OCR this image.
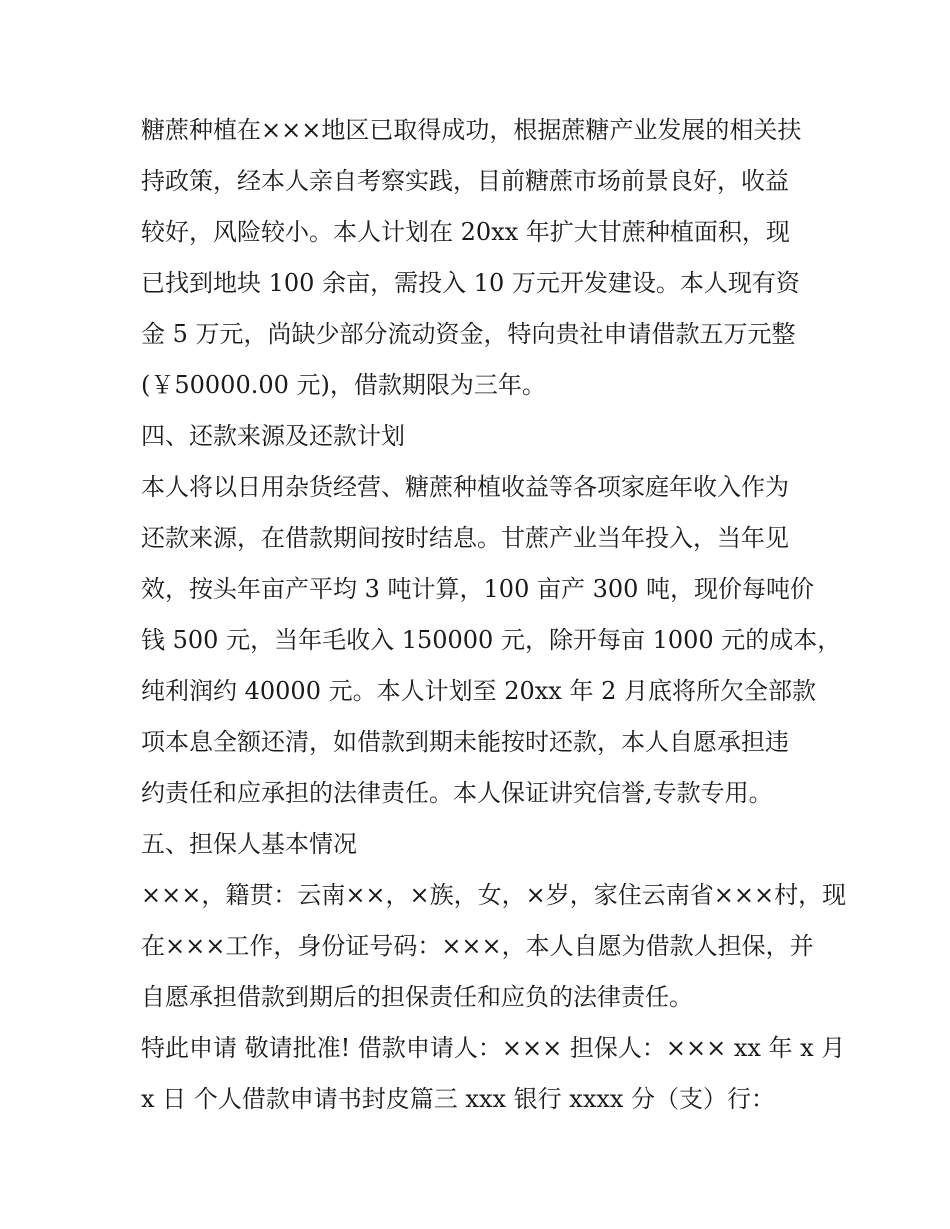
糖蔗种植在×××地区已取得成功，根据蔗糖产业发展的相关扶
持政策，经本人亲自考察实践，目前糖蔗市场前景良好，收益
较好，风险较小。本人计划在 20xx 年扩大甘蔗种植面积，现
已找到地块 100 余亩，需投入 10 万元开发建设。本人现有资
金 5 万元，尚缺少部分流动资金，特向贵社申请借款五万元整
(￥50000.00 元)，借款期限为三年。
四、还款来源及还款计划
本人将以日用杂货经营、糖蔗种植收益等各项家庭年收入作为
还款来源，在借款期间按时结息。甘蔗产业当年投入，当年见
效，按头年亩产平均 3 吨计算，100 亩产 300 吨，现价每吨价
钱 500 元，当年毛收入 150000 元，除开每亩 1000 元的成本，
纯利润约 40000 元。本人计划至 20xx 年 2 月底将所欠全部款
项本息全额还清，如借款到期未能按时还款，本人自愿承担违
约责任和应承担的法律责任。本人保证讲究信誉,专款专用。
五、担保人基本情况
×××，籍贯：云南××，×族，女，×岁，家住云南省×××村，现
在×××工作，身份证号码：×××，本人自愿为借款人担保，并
自愿承担借款到期后的担保责任和应负的法律责任。
特此申请 敬请批准! 借款申请人：××× 担保人：××× xx 年 x 月
x 日 个人借款申请书封皮篇三 xxx 银行 xxxx 分（支）行：
